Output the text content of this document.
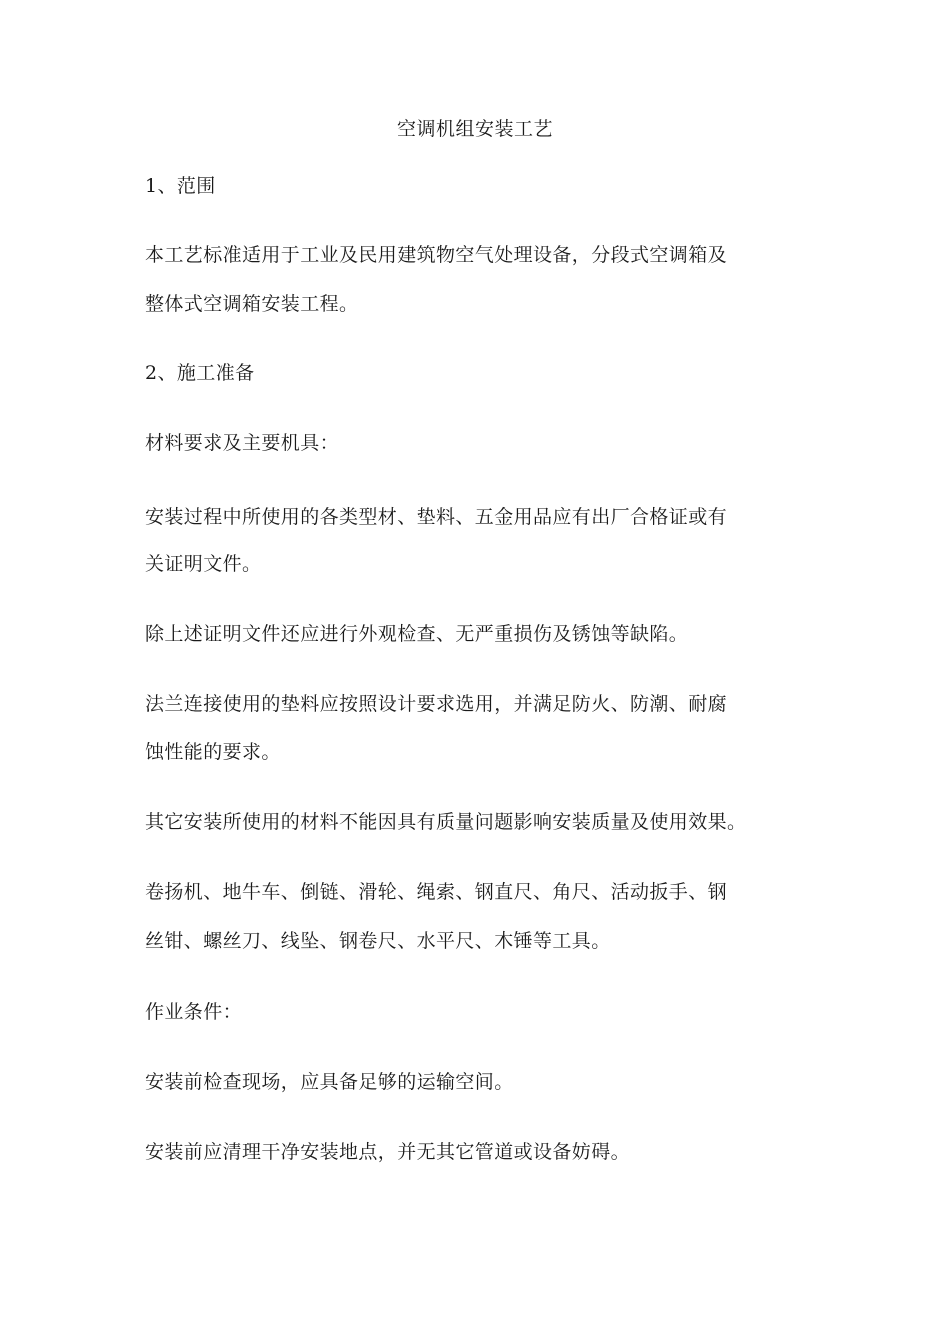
空调机组安装工艺
1、范围
本工艺标准适用于工业及民用建筑物空气处理设备，分段式空调箱及
整体式空调箱安装工程。
2、施工准备
材料要求及主要机具：
安装过程中所使用的各类型材、垫料、五金用品应有出厂合格证或有
关证明文件。
除上述证明文件还应进行外观检查、无严重损伤及锈蚀等缺陷。
法兰连接使用的垫料应按照设计要求选用，并满足防火、防潮、耐腐
蚀性能的要求。
其它安装所使用的材料不能因具有质量问题影响安装质量及使用效果。
卷扬机、地牛车、倒链、滑轮、绳索、钢直尺、角尺、活动扳手、钢
丝钳、螺丝刀、线坠、钢卷尺、水平尺、木锤等工具。
作业条件：
安装前检查现场，应具备足够的运输空间。
安装前应清理干净安装地点，并无其它管道或设备妨碍。
